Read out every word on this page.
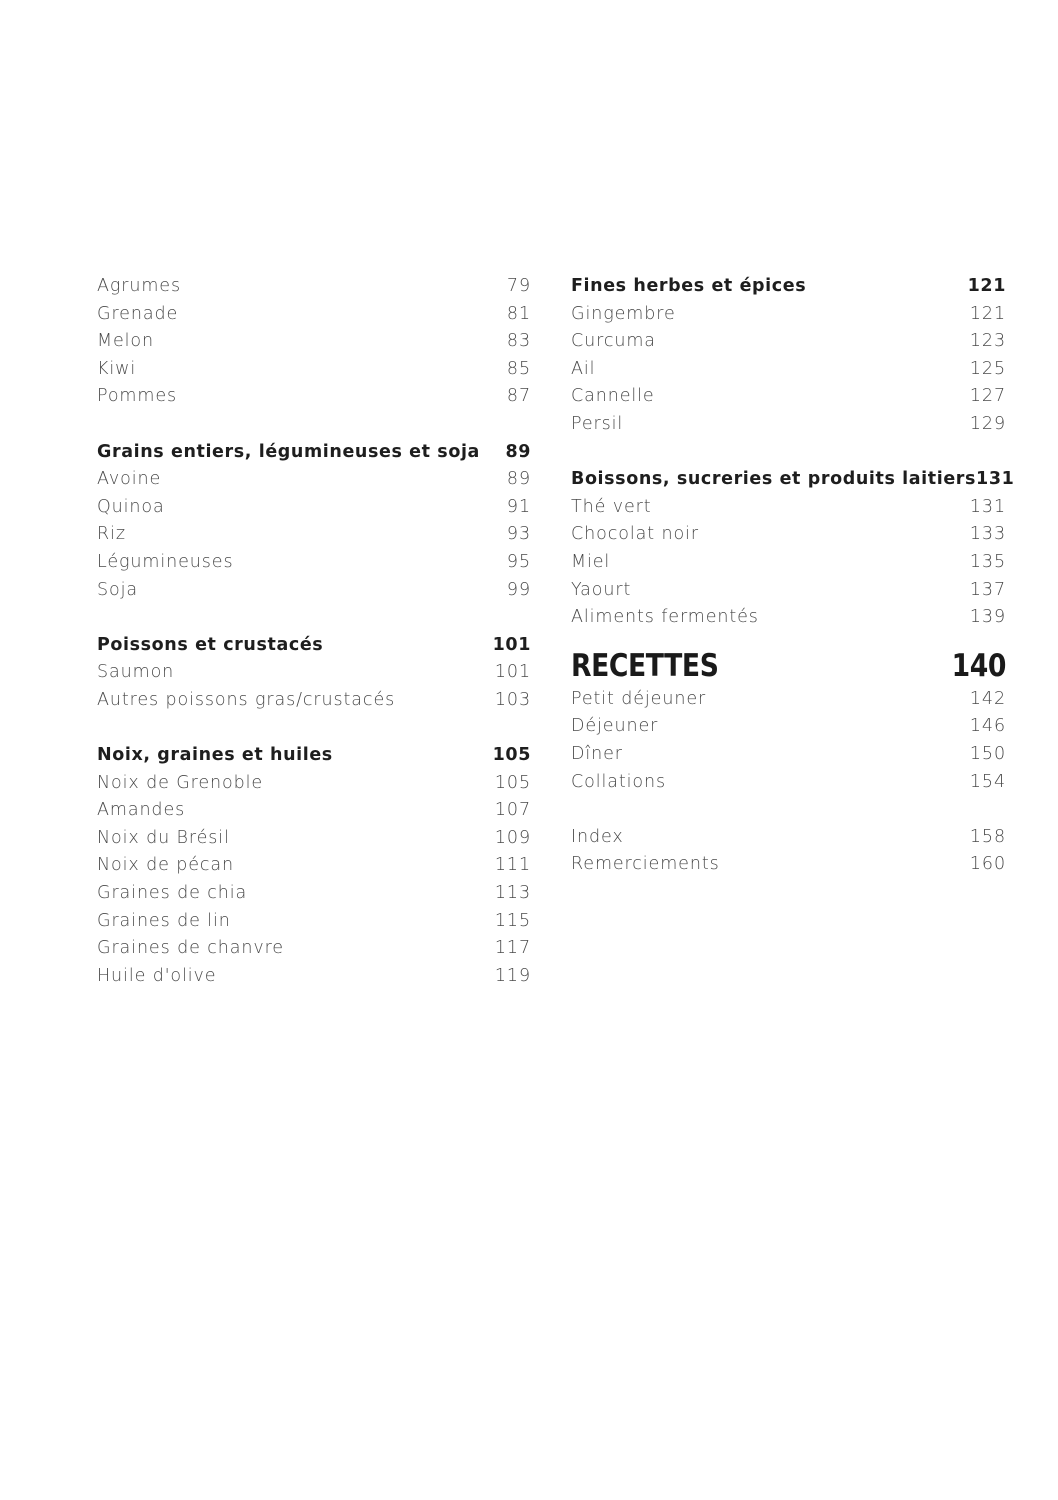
Agrumes	79
Grenade	81
Melon	83
Kiwi	85
Pommes	87
Grains entiers, légumineuses et soja 89
Avoine	89
Quinoa	91
Riz	93
Légumineuses	95
Soja	99
Poissons et crustacés	101
Saumon	101
Autres poissons gras/crustacés	103
Noix, graines et huiles	105
Noix de Grenoble	105
Amandes	107
Noix du Brésil	109
Noix de pécan	111
Graines de chia	113
Graines de lin	115
Graines de chanvre	117
Huile d'olive	119
Fines herbes et épices	121
Gingembre	121
Curcuma	123
Ail	125
Cannelle	127
Persil	129
Boissons, sucreries et produits laitiers 131
Thé vert	131
Chocolat noir	133
Miel	135
Yaourt	137
Aliments fermentés	139
RECETTES	140
Petit déjeuner	142
Déjeuner	146
Dîner	150
Collations	154
Index	158
Remerciements	160
